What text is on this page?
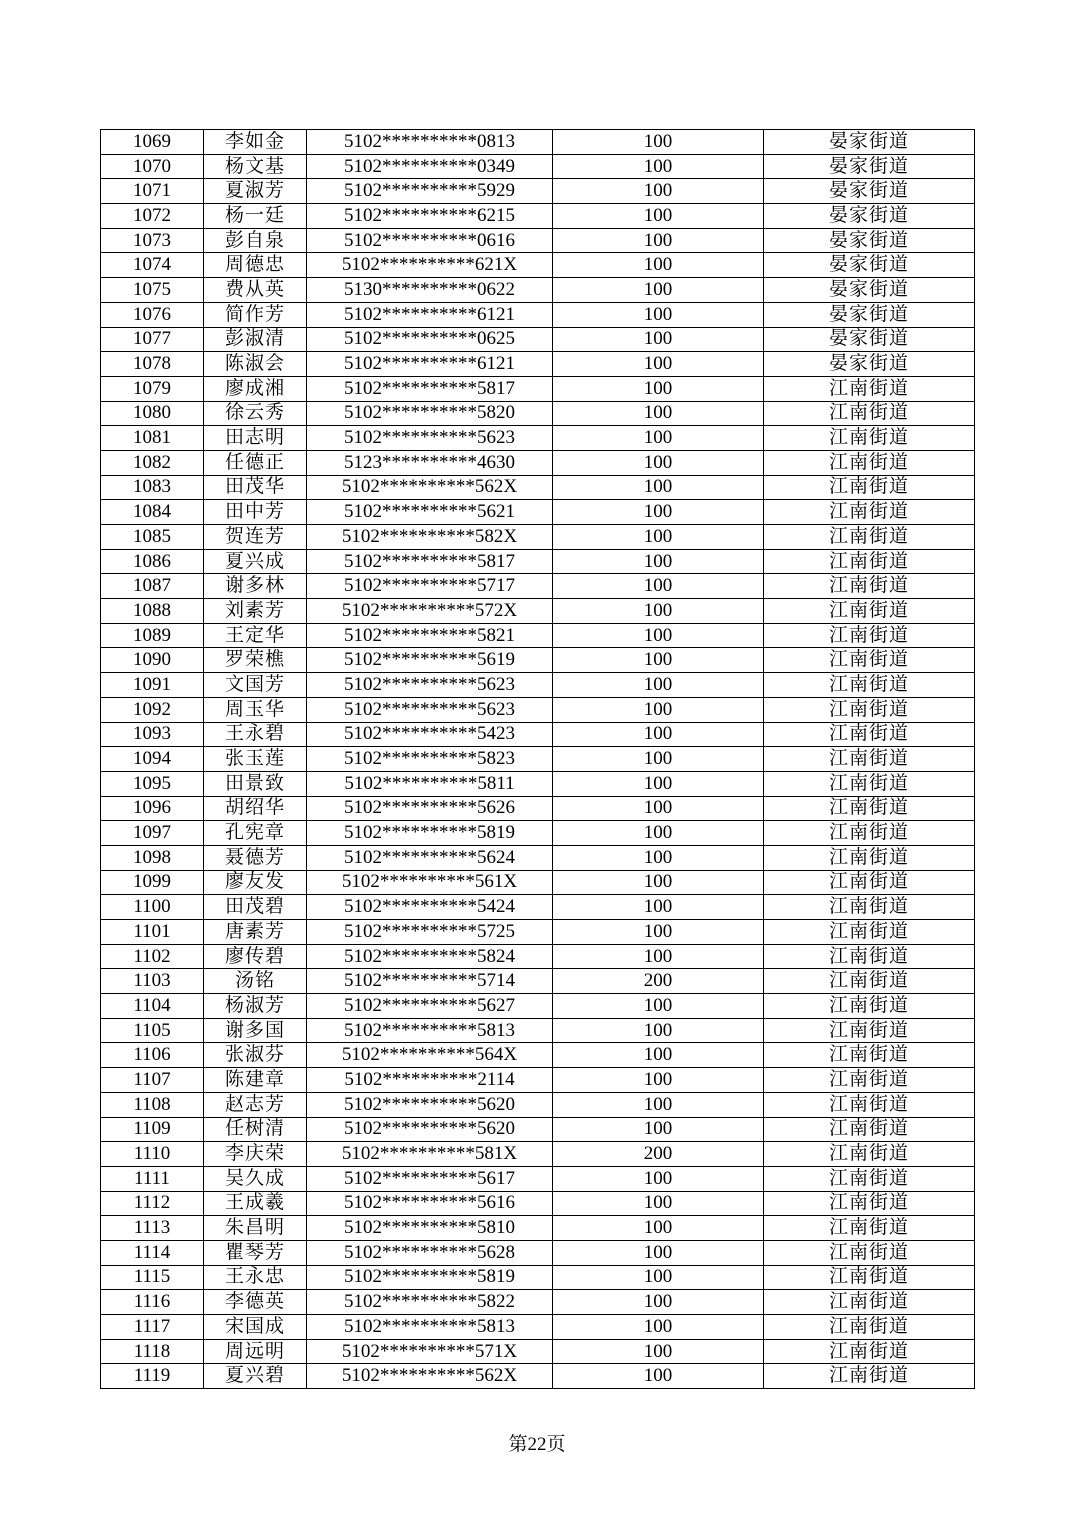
1069	李如金	5102**********0813	100	晏家街道
1070	杨文基	5102**********0349	100	晏家街道
1071	夏淑芳	5102**********5929	100	晏家街道
1072	杨一廷	5102**********6215	100	晏家街道
1073	彭自泉	5102**********0616	100	晏家街道
1074	周德忠	5102**********621X	100	晏家街道
1075	费从英	5130**********0622	100	晏家街道
1076	简作芳	5102**********6121	100	晏家街道
1077	彭淑清	5102**********0625	100	晏家街道
1078	陈淑会	5102**********6121	100	晏家街道
1079	廖成湘	5102**********5817	100	江南街道
1080	徐云秀	5102**********5820	100	江南街道
1081	田志明	5102**********5623	100	江南街道
1082	任德正	5123**********4630	100	江南街道
1083	田茂华	5102**********562X	100	江南街道
1084	田中芳	5102**********5621	100	江南街道
1085	贺连芳	5102**********582X	100	江南街道
1086	夏兴成	5102**********5817	100	江南街道
1087	谢多林	5102**********5717	100	江南街道
1088	刘素芳	5102**********572X	100	江南街道
1089	王定华	5102**********5821	100	江南街道
1090	罗荣樵	5102**********5619	100	江南街道
1091	文国芳	5102**********5623	100	江南街道
1092	周玉华	5102**********5623	100	江南街道
1093	王永碧	5102**********5423	100	江南街道
1094	张玉莲	5102**********5823	100	江南街道
1095	田景致	5102**********5811	100	江南街道
1096	胡绍华	5102**********5626	100	江南街道
1097	孔宪章	5102**********5819	100	江南街道
1098	聂德芳	5102**********5624	100	江南街道
1099	廖友发	5102**********561X	100	江南街道
1100	田茂碧	5102**********5424	100	江南街道
1101	唐素芳	5102**********5725	100	江南街道
1102	廖传碧	5102**********5824	100	江南街道
1103	汤铭	5102**********5714	200	江南街道
1104	杨淑芳	5102**********5627	100	江南街道
1105	谢多国	5102**********5813	100	江南街道
1106	张淑芬	5102**********564X	100	江南街道
1107	陈建章	5102**********2114	100	江南街道
1108	赵志芳	5102**********5620	100	江南街道
1109	任树清	5102**********5620	100	江南街道
1110	李庆荣	5102**********581X	200	江南街道
1111	吴久成	5102**********5617	100	江南街道
1112	王成羲	5102**********5616	100	江南街道
1113	朱昌明	5102**********5810	100	江南街道
1114	瞿琴芳	5102**********5628	100	江南街道
1115	王永忠	5102**********5819	100	江南街道
1116	李德英	5102**********5822	100	江南街道
1117	宋国成	5102**********5813	100	江南街道
1118	周远明	5102**********571X	100	江南街道
1119	夏兴碧	5102**********562X	100	江南街道
第22页
